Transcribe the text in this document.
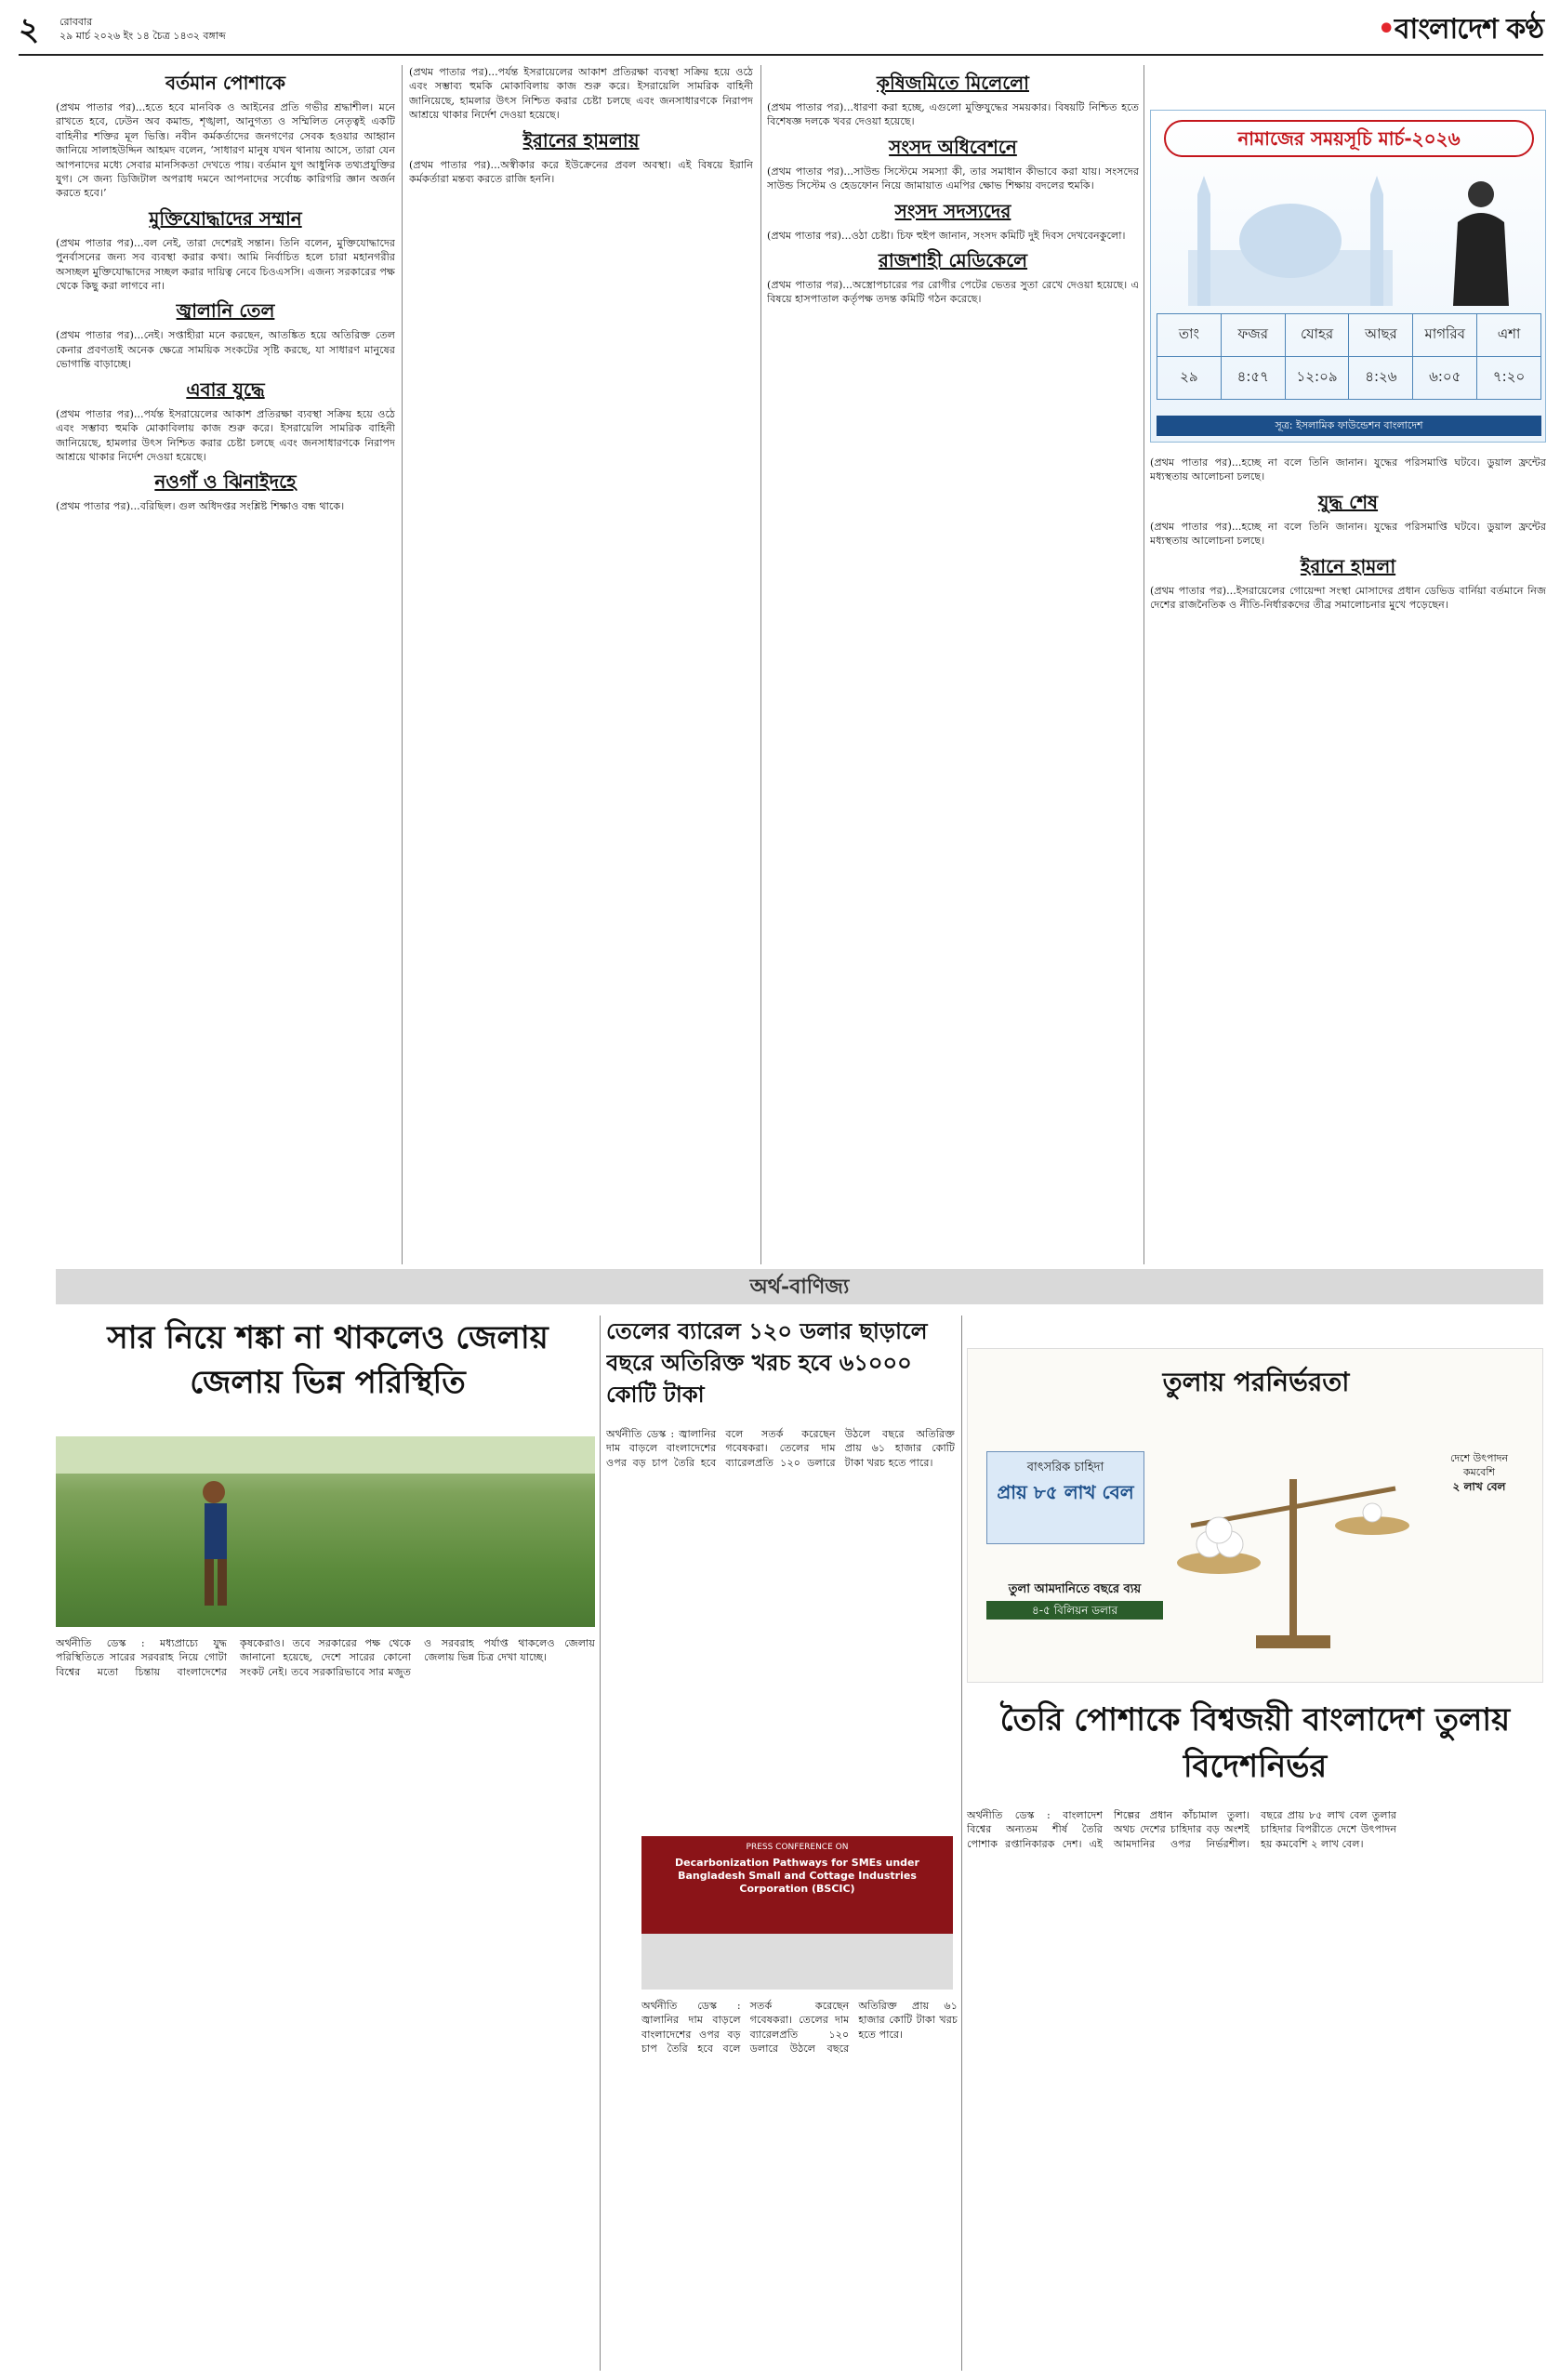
২ রোববার
২৯ মার্চ ২০২৬ ইং ১৪ চৈত্র ১৪৩২ বঙ্গাব্দ	•বাংলাদেশ কণ্ঠ
বর্তমান পোশাকে

(প্রথম পাতার পর)...হতে হবে মানবিক ও আইনের প্রতি গভীর শ্রদ্ধাশীল। মনে রাখতে হবে, ঢেউন অব কমান্ড, শৃঙ্খলা, আনুগত্য ও সম্মিলিত নেতৃত্বই একটি বাহিনীর শক্তির মূল ভিত্তি। নবীন কর্মকর্তাদের জনগণের সেবক হওয়ার আহ্বান জানিয়ে সালাহউদ্দিন আহমদ বলেন, ‘সাধারণ মানুষ যখন থানায় আসে, তারা যেন আপনাদের মধ্যে সেবার মানসিকতা দেখতে পায়। বর্তমান যুগ আধুনিক তথ্যপ্রযুক্তির যুগ। সে জন্য ডিজিটাল অপরাধ দমনে আপনাদের সর্বোচ্চ কারিগরি জ্ঞান অর্জন করতে হবে।’

মুক্তিযোদ্ধাদের সম্মান

(প্রথম পাতার পর)...বল নেই, তারা দেশেরই সন্তান। তিনি বলেন, মুক্তিযোদ্ধাদের পুনর্বাসনের জন্য সব ব্যবস্থা করার কথা। আমি নির্বাচিত হলে চারা মহানগরীর অসচ্ছল মুক্তিযোদ্ধাদের সচ্ছল করার দায়িত্ব নেবে চিওএসসি। এজন্য সরকারের পক্ষ থেকে কিছু করা লাগবে না।

জ্বালানি তেল

(প্রথম পাতার পর)...নেই। সপ্তাহীরা মনে করছেন, আতঙ্কিত হয়ে অতিরিক্ত তেল কেনার প্রবণতাই অনেক ক্ষেত্রে সাময়িক সংকটের সৃষ্টি করছে, যা সাধারণ মানুষের ভোগান্তি বাড়াচ্ছে।

এবার যুদ্ধে

(প্রথম পাতার পর)...পর্যন্ত ইসরায়েলের আকাশ প্রতিরক্ষা ব্যবস্থা সক্রিয় হয়ে ওঠে এবং সম্ভাব্য হুমকি মোকাবিলায় কাজ শুরু করে। ইসরায়েলি সামরিক বাহিনী জানিয়েছে, হামলার উৎস নিশ্চিত করার চেষ্টা চলছে এবং জনসাধারণকে নিরাপদ আশ্রয়ে থাকার নির্দেশ দেওয়া হয়েছে।

নওগাঁ ও ঝিনাইদহে

(প্রথম পাতার পর)...বরিছিল। গুল অধিদপ্তর সংশ্লিষ্ট শিক্ষাও বন্ধ থাকে।

(প্রথম পাতার পর)...পর্যন্ত ইসরায়েলের আকাশ প্রতিরক্ষা ব্যবস্থা সক্রিয় হয়ে ওঠে এবং সম্ভাব্য হুমকি মোকাবিলায় কাজ শুরু করে। ইসরায়েলি সামরিক বাহিনী জানিয়েছে, হামলার উৎস নিশ্চিত করার চেষ্টা চলছে এবং জনসাধারণকে নিরাপদ আশ্রয়ে থাকার নির্দেশ দেওয়া হয়েছে।

ইরানের হামলায়

(প্রথম পাতার পর)...অস্বীকার করে ইউক্রেনের প্রবল অবস্থা। এই বিষয়ে ইরানি কর্মকর্তারা মন্তব্য করতে রাজি হননি।

কৃষিজমিতে মিলেলো

(প্রথম পাতার পর)...ধারণা করা হচ্ছে, এগুলো মুক্তিযুদ্ধের সময়কার। বিষয়টি নিশ্চিত হতে বিশেষজ্ঞ দলকে খবর দেওয়া হয়েছে।

সংসদ অধিবেশনে

(প্রথম পাতার পর)...সাউন্ড সিস্টেমে সমস্যা কী, তার সমাধান কীভাবে করা যায়। সংসদের সাউন্ড সিস্টেম ও হেডফোন নিয়ে জামায়াত এমপির ক্ষোভ শিক্ষায় বদলের হুমকি।

সংসদ সদস্যদের

(প্রথম পাতার পর)...ওঠা চেষ্টা। চিফ হুইপ জানান, সংসদ কমিটি দুই দিবস দেখবেনকুলো।

রাজশাহী মেডিকেলে

(প্রথম পাতার পর)...অস্ত্রোপচারের পর রোগীর পেটের ভেতর সুতা রেখে দেওয়া হয়েছে। এ বিষয়ে হাসপাতাল কর্তৃপক্ষ তদন্ত কমিটি গঠন করেছে।

নামাজের সময়সূচি মার্চ-২০২৬
তাং	ফজর	যোহর	আছর	মাগরিব	এশা
২৯	৪:৫৭	১২:০৯	৪:২৬	৬:০৫	৭:২০
সূত্র: ইসলামিক ফাউন্ডেশন বাংলাদেশ

(প্রথম পাতার পর)...হচ্ছে না বলে তিনি জানান। যুদ্ধের পরিসমাপ্তি ঘটবে। ডুয়াল ফ্রন্টের মধ্যস্থতায় আলোচনা চলছে।

যুদ্ধ শেষ

(প্রথম পাতার পর)...হচ্ছে না বলে তিনি জানান। যুদ্ধের পরিসমাপ্তি ঘটবে। ডুয়াল ফ্রন্টের মধ্যস্থতায় আলোচনা চলছে।

ইরানে হামলা

(প্রথম পাতার পর)...ইসরায়েলের গোয়েন্দা সংস্থা মোসাদের প্রধান ডেভিড বার্নিয়া বর্তমানে নিজ দেশের রাজনৈতিক ও নীতি-নির্ধারকদের তীব্র সমালোচনার মুখে পড়েছেন।

অর্থ-বাণিজ্য
সার নিয়ে শঙ্কা না থাকলেও জেলায় জেলায় ভিন্ন পরিস্থিতি

অর্থনীতি ডেস্ক : মধ্যপ্রাচ্যে যুদ্ধ পরিস্থিতিতে সারের সরবরাহ নিয়ে গোটা বিশ্বের মতো চিন্তায় বাংলাদেশের কৃষকেরাও। তবে সরকারের পক্ষ থেকে জানানো হয়েছে, দেশে সারের কোনো সংকট নেই। তবে সরকারিভাবে সার মজুত ও সরবরাহ পর্যাপ্ত থাকলেও জেলায় জেলায় ভিন্ন চিত্র দেখা যাচ্ছে।

তেলের ব্যারেল ১২০ ডলার ছাড়ালে বছরে অতিরিক্ত খরচ হবে ৬১০০০ কোটি টাকা

অর্থনীতি ডেস্ক : জ্বালানির দাম বাড়লে বাংলাদেশের ওপর বড় চাপ তৈরি হবে বলে সতর্ক করেছেন গবেষকরা। তেলের দাম ব্যারেলপ্রতি ১২০ ডলারে উঠলে বছরে অতিরিক্ত প্রায় ৬১ হাজার কোটি টাকা খরচ হতে পারে।

PRESS CONFERENCE ON
Decarbonization Pathways for SMEs under Bangladesh Small and Cottage Industries Corporation (BSCIC)

অর্থনীতি ডেস্ক : জ্বালানির দাম বাড়লে বাংলাদেশের ওপর বড় চাপ তৈরি হবে বলে সতর্ক করেছেন গবেষকরা। তেলের দাম ব্যারেলপ্রতি ১২০ ডলারে উঠলে বছরে অতিরিক্ত প্রায় ৬১ হাজার কোটি টাকা খরচ হতে পারে।

তুলায় পরনির্ভরতা
বাৎসরিক চাহিদা
প্রায় ৮৫ লাখ বেল
দেশে উৎপাদন
কমবেশি
২ লাখ বেল
তুলা আমদানিতে বছরে ব্যয়
৪-৫ বিলিয়ন ডলার
তৈরি পোশাকে বিশ্বজয়ী বাংলাদেশ তুলায় বিদেশনির্ভর

অর্থনীতি ডেস্ক : বাংলাদেশ বিশ্বের অন্যতম শীর্ষ তৈরি পোশাক রপ্তানিকারক দেশ। এই শিল্পের প্রধান কাঁচামাল তুলা। অথচ দেশের চাহিদার বড় অংশই আমদানির ওপর নির্ভরশীল। বছরে প্রায় ৮৫ লাখ বেল তুলার চাহিদার বিপরীতে দেশে উৎপাদন হয় কমবেশি ২ লাখ বেল।
